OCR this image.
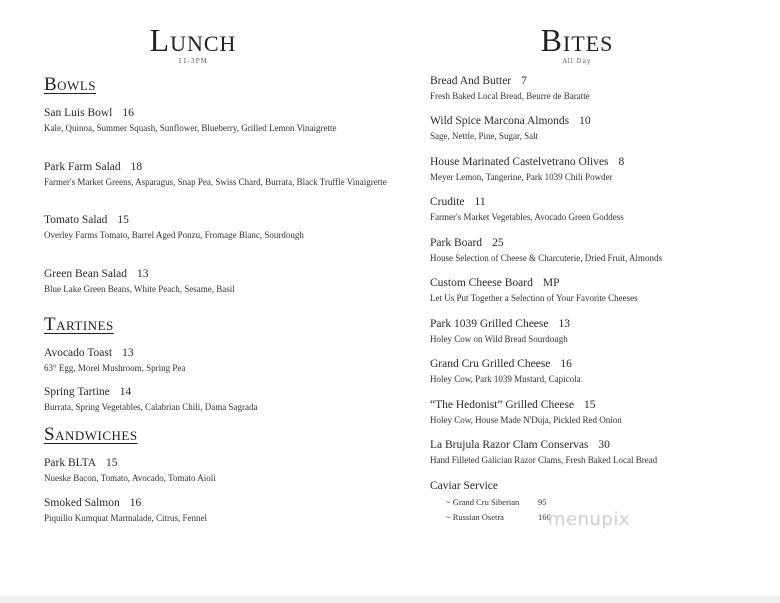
Lunch
11-3PM
Bowls
San Luis Bowl 16
Kale, Quinoa, Summer Squash, Sunflower, Blueberry, Grilled Lemon Vinaigrette
Park Farm Salad 18
Farmer's Market Greens, Asparagus, Snap Pea, Swiss Chard, Burrata, Black Truffle Vinaigrette
Tomato Salad 15
Overley Farms Tomato, Barrel Aged Ponzu, Fromage Blanc, Sourdough
Green Bean Salad 13
Blue Lake Green Beans, White Peach, Sesame, Basil
Tartines
Avocado Toast 13
63° Egg, Morel Mushroom, Spring Pea
Spring Tartine 14
Burrata, Spring Vegetables, Calabrian Chili, Dama Sagrada
Sandwiches
Park BLTA 15
Nueske Bacon, Tomato, Avocado, Tomato Aioli
Smoked Salmon 16
Piquillo Kumquat Marmalade, Citrus, Fennel
Bites
All Day
Bread And Butter 7
Fresh Baked Local Bread, Beurre de Baratte
Wild Spice Marcona Almonds 10
Sage, Nettle, Pine, Sugar, Salt
House Marinated Castelvetrano Olives 8
Meyer Lemon, Tangerine, Park 1039 Chili Powder
Crudite 11
Farmer's Market Vegetables, Avocado Green Goddess
Park Board 25
House Selection of Cheese & Charcuterie, Dried Fruit, Almonds
Custom Cheese Board MP
Let Us Put Together a Selection of Your Favorite Cheeses
Park 1039 Grilled Cheese 13
Holey Cow on Wild Bread Sourdough
Grand Cru Grilled Cheese 16
Holey Cow, Park 1039 Mustard, Capicola
“The Hedonist” Grilled Cheese 15
Holey Cow, House Made N'Duja, Pickled Red Onion
La Brujula Razor Clam Conservas 30
Hand Filleted Galician Razor Clams, Fresh Baked Local Bread
Caviar Service
~ Grand Cru Siberian 95
~ Russian Osetra	160
menupix
